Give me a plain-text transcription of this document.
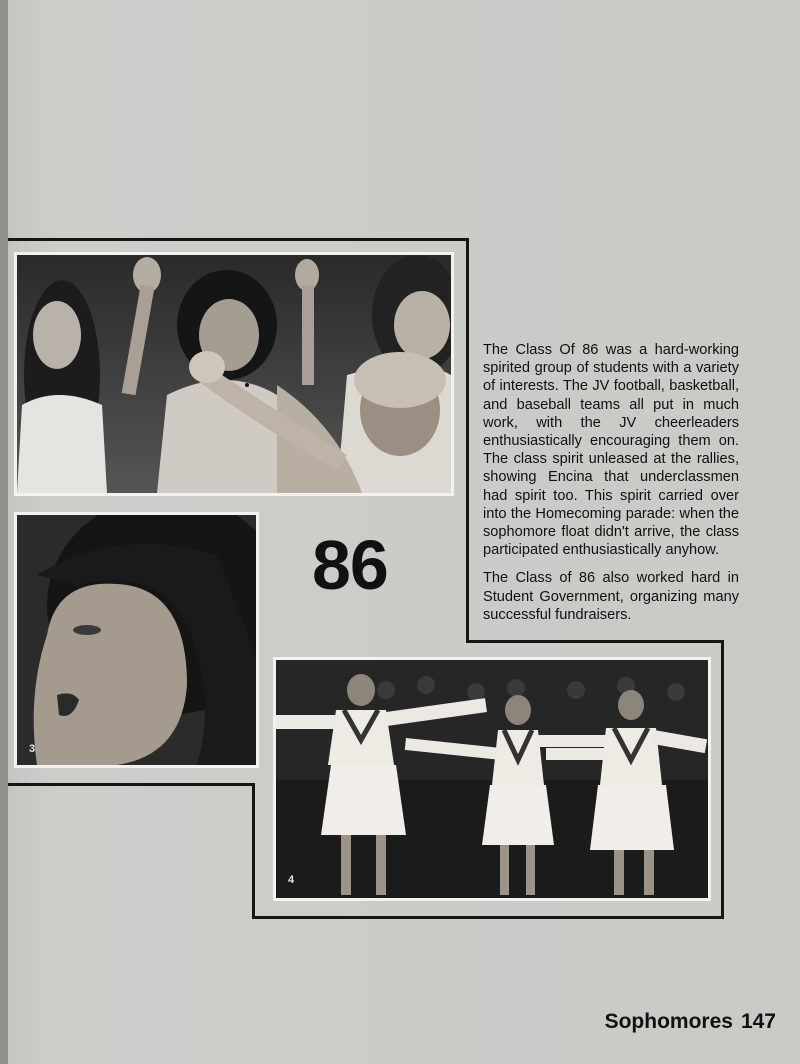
3
86

The Class Of 86 was a hard-working spirited group of students with a variety of interests. The JV football, basketball, and baseball teams all put in much work, with the JV cheerleaders enthusiastically encouraging them on. The class spirit unleased at the rallies, showing Encina that underclassmen had spirit too. This spirit carried over into the Homecoming parade: when the sophomore float didn't arrive, the class participated enthusiastically anyhow.

The Class of 86 also worked hard in Student Government, organizing many successful fundraisers.

4
Sophomores 147
